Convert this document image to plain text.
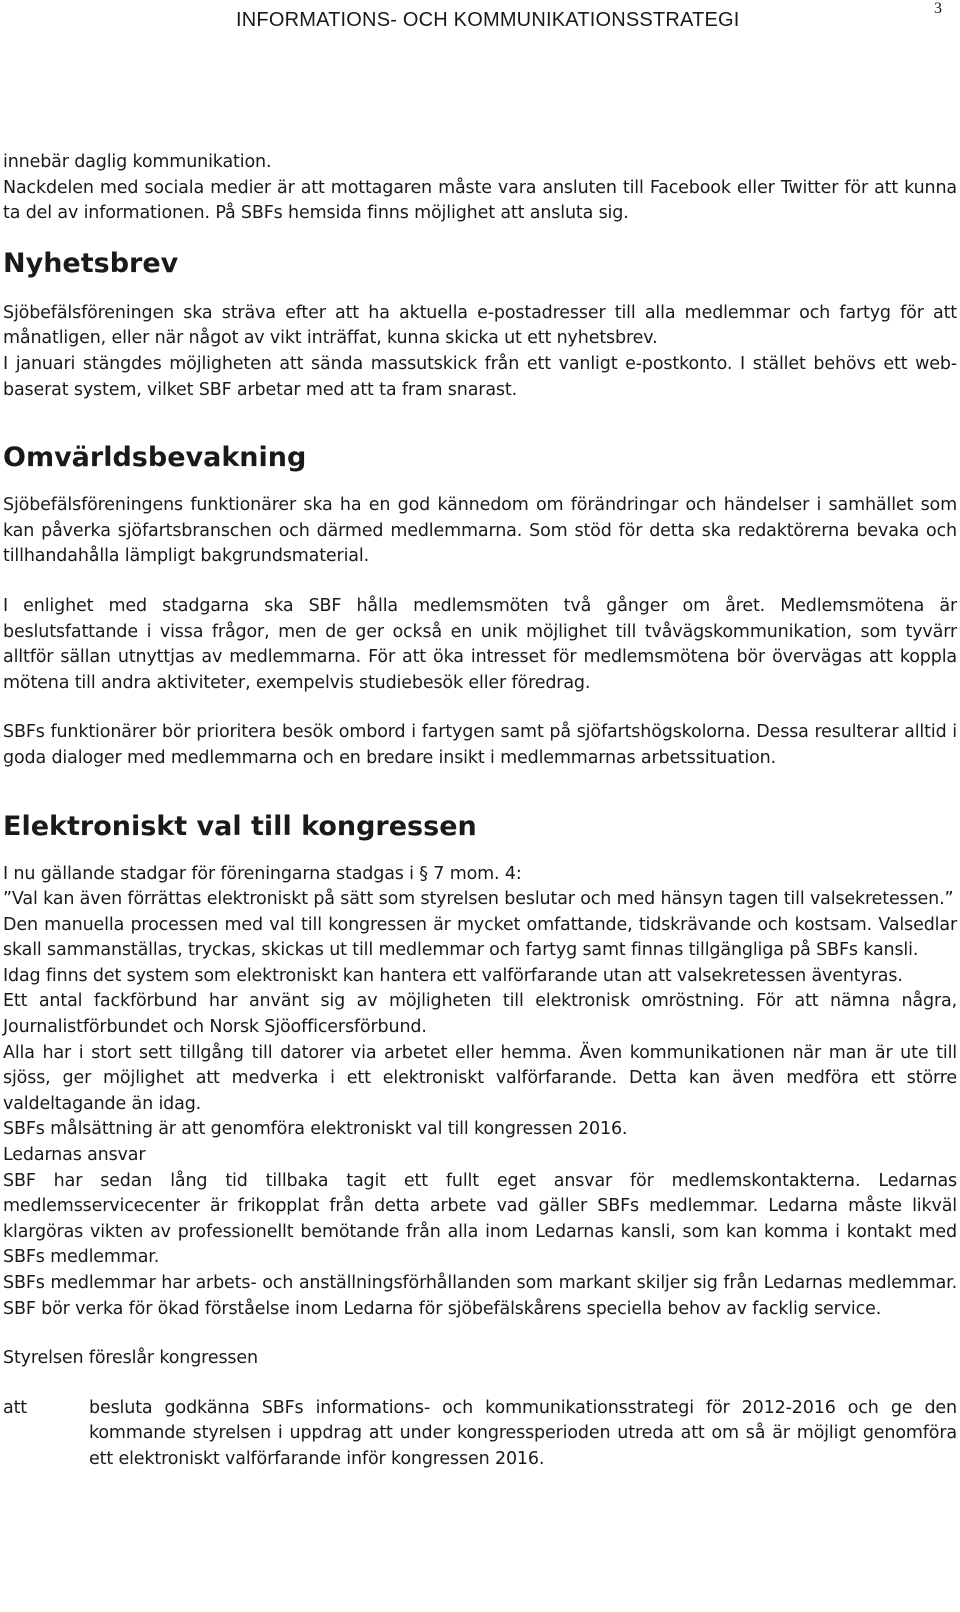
INFORMATIONS- OCH KOMMUNIKATIONSSTRATEGI
3

innebär daglig kommunikation.

Nackdelen med sociala medier är att mottagaren måste vara ansluten till Facebook eller Twitter för att kunna ta del av informationen. På SBFs hemsida finns möjlighet att ansluta sig.

Nyhetsbrev

Sjöbefälsföreningen ska sträva efter att ha aktuella e-postadresser till alla medlemmar och fartyg för att månatligen, eller när något av vikt inträffat, kunna skicka ut ett nyhetsbrev.

I januari stängdes möjligheten att sända massutskick från ett vanligt e-postkonto. I stället behövs ett web-baserat system, vilket SBF arbetar med att ta fram snarast.

Omvärldsbevakning

Sjöbefälsföreningens funktionärer ska ha en god kännedom om förändringar och händelser i samhället som kan påverka sjöfartsbranschen och därmed medlemmarna. Som stöd för detta ska redaktörerna bevaka och tillhandahålla lämpligt bakgrundsmaterial.

I enlighet med stadgarna ska SBF hålla medlemsmöten två gånger om året. Medlemsmötena är beslutsfattande i vissa frågor, men de ger också en unik möjlighet till tvåvägskommunikation, som tyvärr alltför sällan utnyttjas av medlemmarna. För att öka intresset för medlemsmötena bör övervägas att koppla mötena till andra aktiviteter, exempelvis studiebesök eller föredrag.

SBFs funktionärer bör prioritera besök ombord i fartygen samt på sjöfartshögskolorna. Dessa resulterar alltid i goda dialoger med medlemmarna och en bredare insikt i medlemmarnas arbetssituation.

Elektroniskt val till kongressen

I nu gällande stadgar för föreningarna stadgas i § 7 mom. 4:

”Val kan även förrättas elektroniskt på sätt som styrelsen beslutar och med hänsyn tagen till valsekretessen.”

Den manuella processen med val till kongressen är mycket omfattande, tidskrävande och kostsam. Valsedlar skall sammanställas, tryckas, skickas ut till medlemmar och fartyg samt finnas tillgängliga på SBFs kansli.

Idag finns det system som elektroniskt kan hantera ett valförfarande utan att valsekretessen äventyras.

Ett antal fackförbund har använt sig av möjligheten till elektronisk omröstning. För att nämna några, Journalistförbundet och Norsk Sjöofficersförbund.

Alla har i stort sett tillgång till datorer via arbetet eller hemma. Även kommunikationen när man är ute till sjöss, ger möjlighet att medverka i ett elektroniskt valförfarande. Detta kan även medföra ett större valdeltagande än idag.

SBFs målsättning är att genomföra elektroniskt val till kongressen 2016.

Ledarnas ansvar

SBF har sedan lång tid tillbaka tagit ett fullt eget ansvar för medlemskontakterna. Ledarnas medlemsservicecenter är frikopplat från detta arbete vad gäller SBFs medlemmar. Ledarna måste likväl klargöras vikten av professionellt bemötande från alla inom Ledarnas kansli, som kan komma i kontakt med SBFs medlemmar.

SBFs medlemmar har arbets- och anställningsförhållanden som markant skiljer sig från Ledarnas medlemmar. SBF bör verka för ökad förståelse inom Ledarna för sjöbefälskårens speciella behov av facklig service.

Styrelsen föreslår kongressen

att	besluta godkänna SBFs informations- och kommunikationsstrategi för 2012-2016 och ge den kommande styrelsen i uppdrag att under kongressperioden utreda att om så är möjligt genomföra ett elektroniskt valförfarande inför kongressen 2016.
